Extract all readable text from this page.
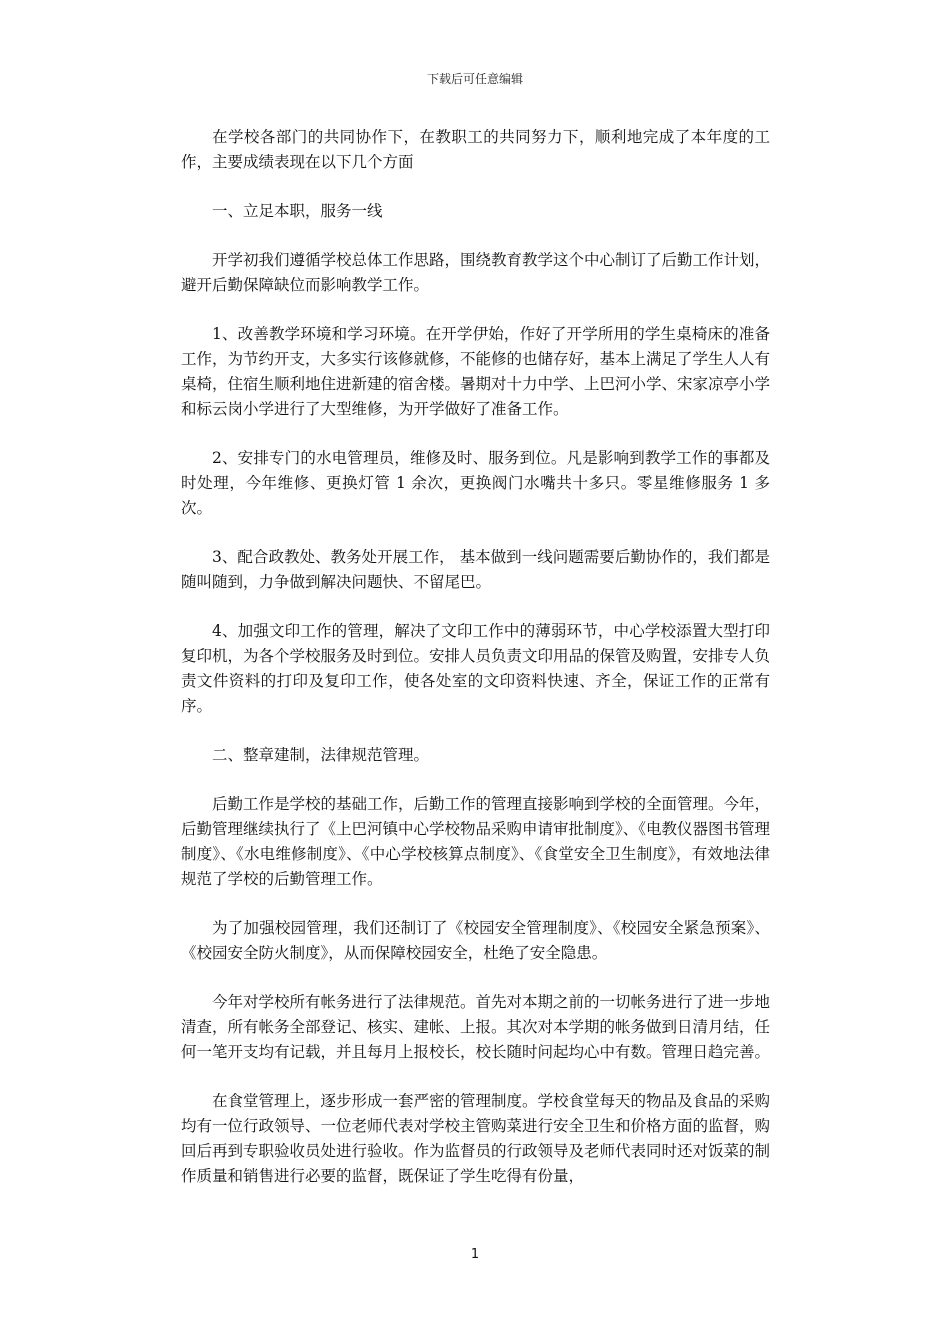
下载后可任意编辑

在学校各部门的共同协作下，在教职工的共同努力下，顺利地完成了本年度的工作，主要成绩表现在以下几个方面

一、立足本职，服务一线

开学初我们遵循学校总体工作思路，围绕教育教学这个中心制订了后勤工作计划，避开后勤保障缺位而影响教学工作。

1、改善教学环境和学习环境。在开学伊始，作好了开学所用的学生桌椅床的准备工作，为节约开支，大多实行该修就修，不能修的也储存好，基本上满足了学生人人有桌椅，住宿生顺利地住进新建的宿舍楼。暑期对十力中学、上巴河小学、宋家凉亭小学和标云岗小学进行了大型维修，为开学做好了准备工作。

2、安排专门的水电管理员，维修及时、服务到位。凡是影响到教学工作的事都及时处理，今年维修、更换灯管 1 余次，更换阀门水嘴共十多只。零星维修服务 1 多次。

3、配合政教处、教务处开展工作， 基本做到一线问题需要后勤协作的，我们都是随叫随到，力争做到解决问题快、不留尾巴。

4、加强文印工作的管理，解决了文印工作中的薄弱环节，中心学校添置大型打印复印机，为各个学校服务及时到位。安排人员负责文印用品的保管及购置，安排专人负责文件资料的打印及复印工作，使各处室的文印资料快速、齐全，保证工作的正常有序。

二、整章建制，法律规范管理。

后勤工作是学校的基础工作，后勤工作的管理直接影响到学校的全面管理。今年，后勤管理继续执行了《上巴河镇中心学校物品采购申请审批制度》、《电教仪器图书管理制度》、《水电维修制度》、《中心学校核算点制度》、《食堂安全卫生制度》，有效地法律规范了学校的后勤管理工作。

为了加强校园管理，我们还制订了《校园安全管理制度》、《校园安全紧急预案》、《校园安全防火制度》，从而保障校园安全，杜绝了安全隐患。

今年对学校所有帐务进行了法律规范。首先对本期之前的一切帐务进行了进一步地清查，所有帐务全部登记、核实、建帐、上报。其次对本学期的帐务做到日清月结，任何一笔开支均有记载，并且每月上报校长，校长随时问起均心中有数。管理日趋完善。

在食堂管理上，逐步形成一套严密的管理制度。学校食堂每天的物品及食品的采购均有一位行政领导、一位老师代表对学校主管购菜进行安全卫生和价格方面的监督，购回后再到专职验收员处进行验收。作为监督员的行政领导及老师代表同时还对饭菜的制作质量和销售进行必要的监督，既保证了学生吃得有份量，

1
